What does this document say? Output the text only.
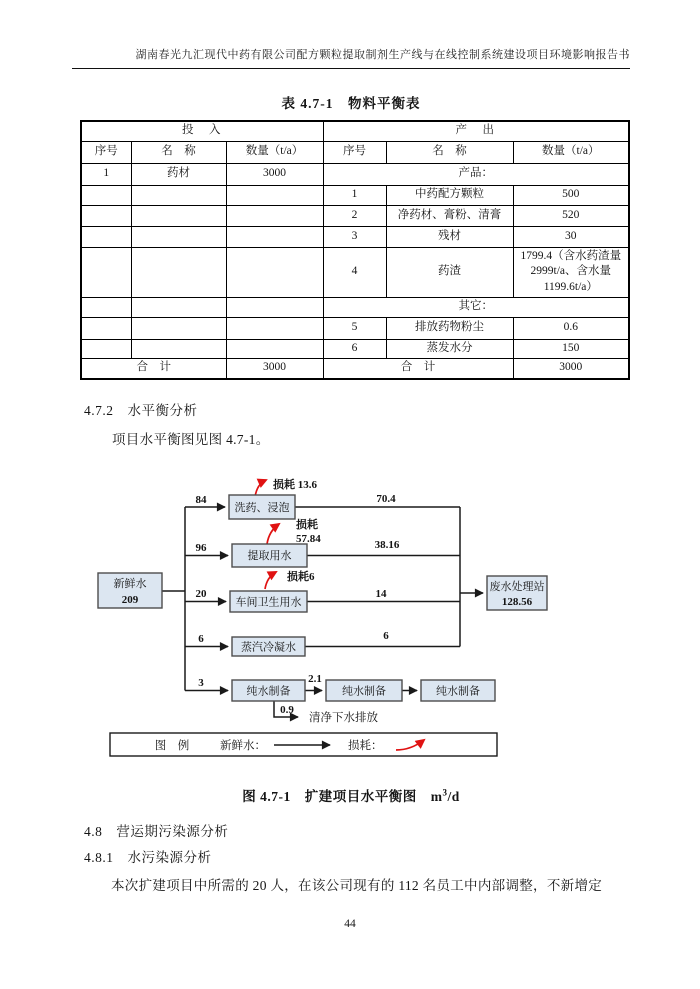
湖南春光九汇现代中药有限公司配方颗粒提取制剂生产线与在线控制系统建设项目环境影响报告书
表 4.7-1　物料平衡表
投　入			产　出		
序号	名　称	数量（t/a）	序号	名　称	数量（t/a）
1	药材	3000	产品：		
			1	中药配方颗粒	500
			2	净药材、膏粉、清膏	520
			3	残材	30
			4	药渣	1799.4（含水药渣量 2999t/a、含水量 1199.6t/a）
			其它：		
			5	排放药物粉尘	0.6
			6	蒸发水分	150
合　计		3000	合　计		3000
4.7.2　水平衡分析
项目水平衡图见图 4.7-1。
新鲜水
209
洗药、浸泡
提取用水
车间卫生用水
蒸汽冷凝水
纯水制备	纯水制备	纯水制备
废水处理站
128.56
84	70.4
96	38.16
20	14
6	6
3	2.1
0.9
损耗 13.6
损耗
57.84
损耗6
清净下水排放
图　例	新鲜水：	损耗：
图 4.7-1　扩建项目水平衡图 $m^3/d$
4.8　营运期污染源分析
4.8.1　水污染源分析
本次扩建项目中所需的 20 人，在该公司现有的 112 名员工中内部调整，不新增定
44
